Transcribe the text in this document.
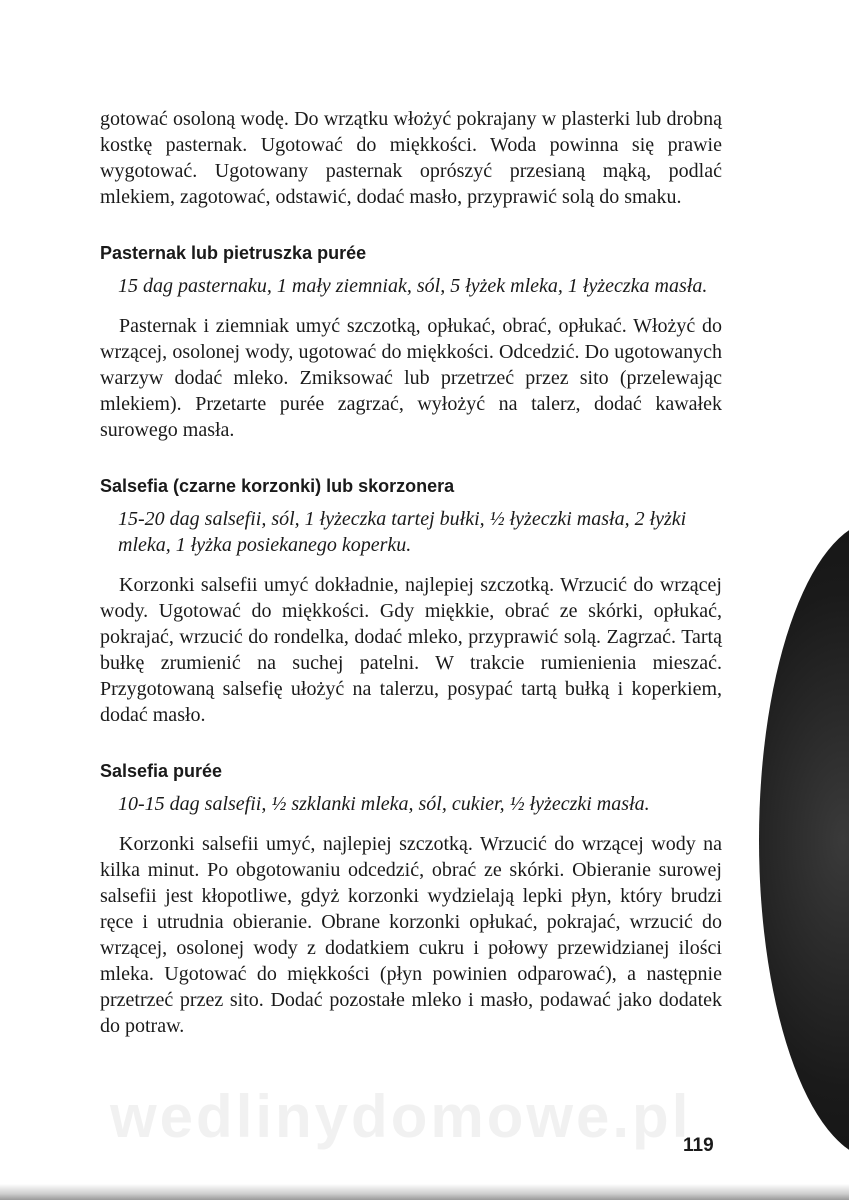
gotować osoloną wodę. Do wrzątku włożyć pokrajany w plasterki lub drobną kostkę pasternak. Ugotować do miękkości. Woda powinna się prawie wygotować. Ugotowany pasternak oprószyć przesianą mąką, podlać mlekiem, zagotować, odstawić, dodać masło, przyprawić solą do smaku.

Pasternak lub pietruszka purée

15 dag pasternaku, 1 mały ziemniak, sól, 5 łyżek mleka, 1 łyżeczka masła.

Pasternak i ziemniak umyć szczotką, opłukać, obrać, opłukać. Włożyć do wrzącej, osolonej wody, ugotować do miękkości. Odcedzić. Do ugotowanych warzyw dodać mleko. Zmiksować lub przetrzeć przez sito (przelewając mlekiem). Przetarte purée zagrzać, wyłożyć na talerz, dodać kawałek surowego masła.

Salsefia (czarne korzonki) lub skorzonera

15-20 dag salsefii, sól, 1 łyżeczka tartej bułki, ½ łyżeczki masła, 2 łyżki mleka, 1 łyżka posiekanego koperku.

Korzonki salsefii umyć dokładnie, najlepiej szczotką. Wrzucić do wrzącej wody. Ugotować do miękkości. Gdy miękkie, obrać ze skórki, opłukać, pokrajać, wrzucić do rondelka, dodać mleko, przyprawić solą. Zagrzać. Tartą bułkę zrumienić na suchej patelni. W trakcie rumienienia mieszać. Przygotowaną salsefię ułożyć na talerzu, posypać tartą bułką i koperkiem, dodać masło.

Salsefia purée

10-15 dag salsefii, ½ szklanki mleka, sól, cukier, ½ łyżeczki masła.

Korzonki salsefii umyć, najlepiej szczotką. Wrzucić do wrzącej wody na kilka minut. Po obgotowaniu odcedzić, obrać ze skórki. Obieranie surowej salsefii jest kłopotliwe, gdyż korzonki wydzielają lepki płyn, który brudzi ręce i utrudnia obieranie. Obrane korzonki opłukać, pokrajać, wrzucić do wrzącej, osolonej wody z dodatkiem cukru i połowy przewidzianej ilości mleka. Ugotować do miękkości (płyn powinien odparować), a następnie przetrzeć przez sito. Dodać pozostałe mleko i masło, podawać jako dodatek do potraw.

wedlinydomowe.pl
119
